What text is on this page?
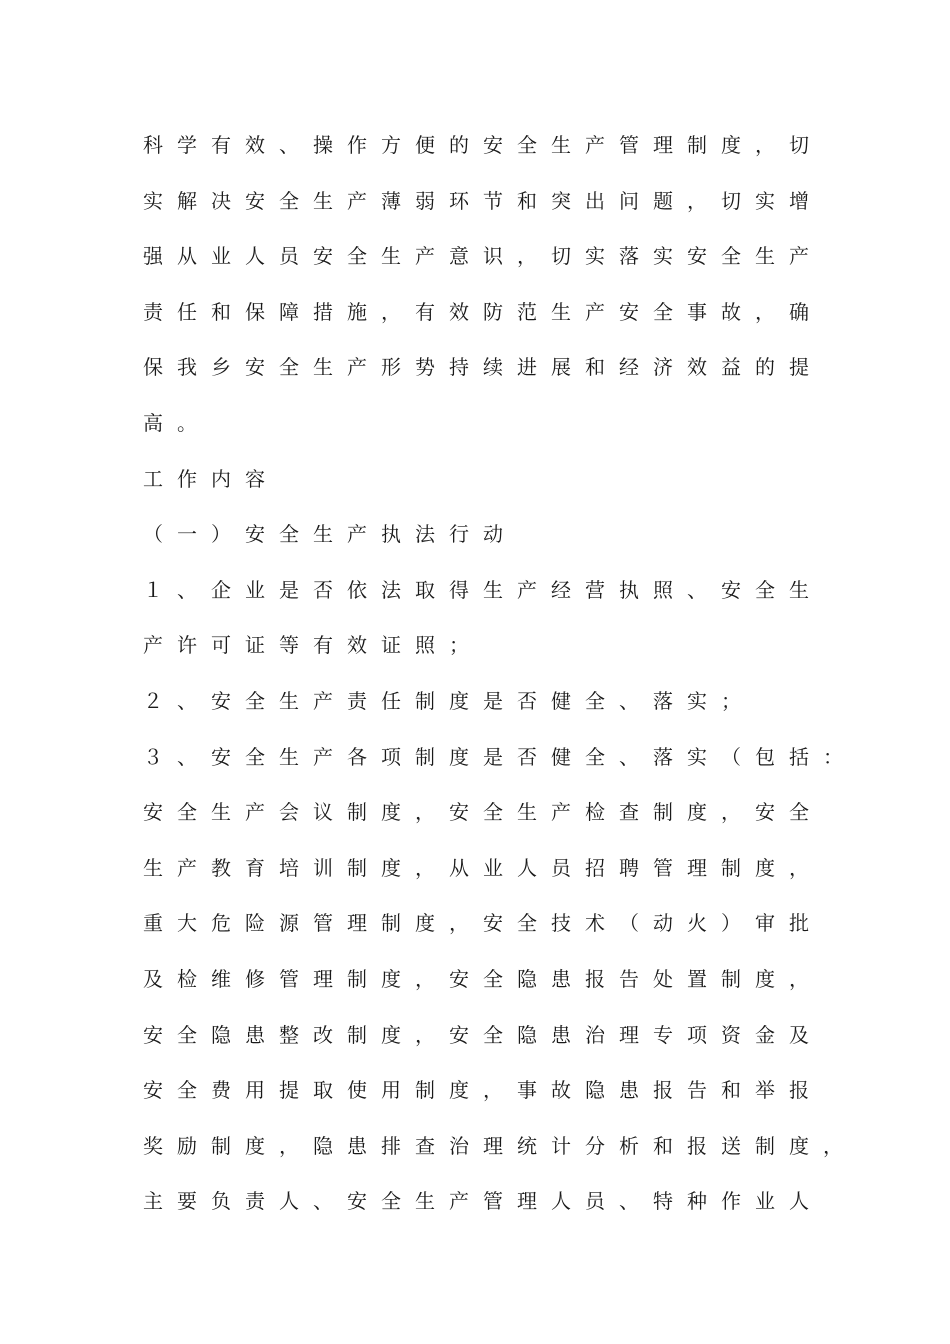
科学有效、操作方便的安全生产管理制度，切
实解决安全生产薄弱环节和突出问题，切实增
强从业人员安全生产意识，切实落实安全生产
责任和保障措施，有效防范生产安全事故，确
保我乡安全生产形势持续进展和经济效益的提
高。
工作内容
（一）安全生产执法行动
１、企业是否依法取得生产经营执照、安全生
产许可证等有效证照；
２、安全生产责任制度是否健全、落实；
３、安全生产各项制度是否健全、落实（包括：
安全生产会议制度，安全生产检查制度，安全
生产教育培训制度，从业人员招聘管理制度，
重大危险源管理制度，安全技术（动火）审批
及检维修管理制度，安全隐患报告处置制度，
安全隐患整改制度，安全隐患治理专项资金及
安全费用提取使用制度，事故隐患报告和举报
奖励制度，隐患排查治理统计分析和报送制度，
主要负责人、安全生产管理人员、特种作业人
